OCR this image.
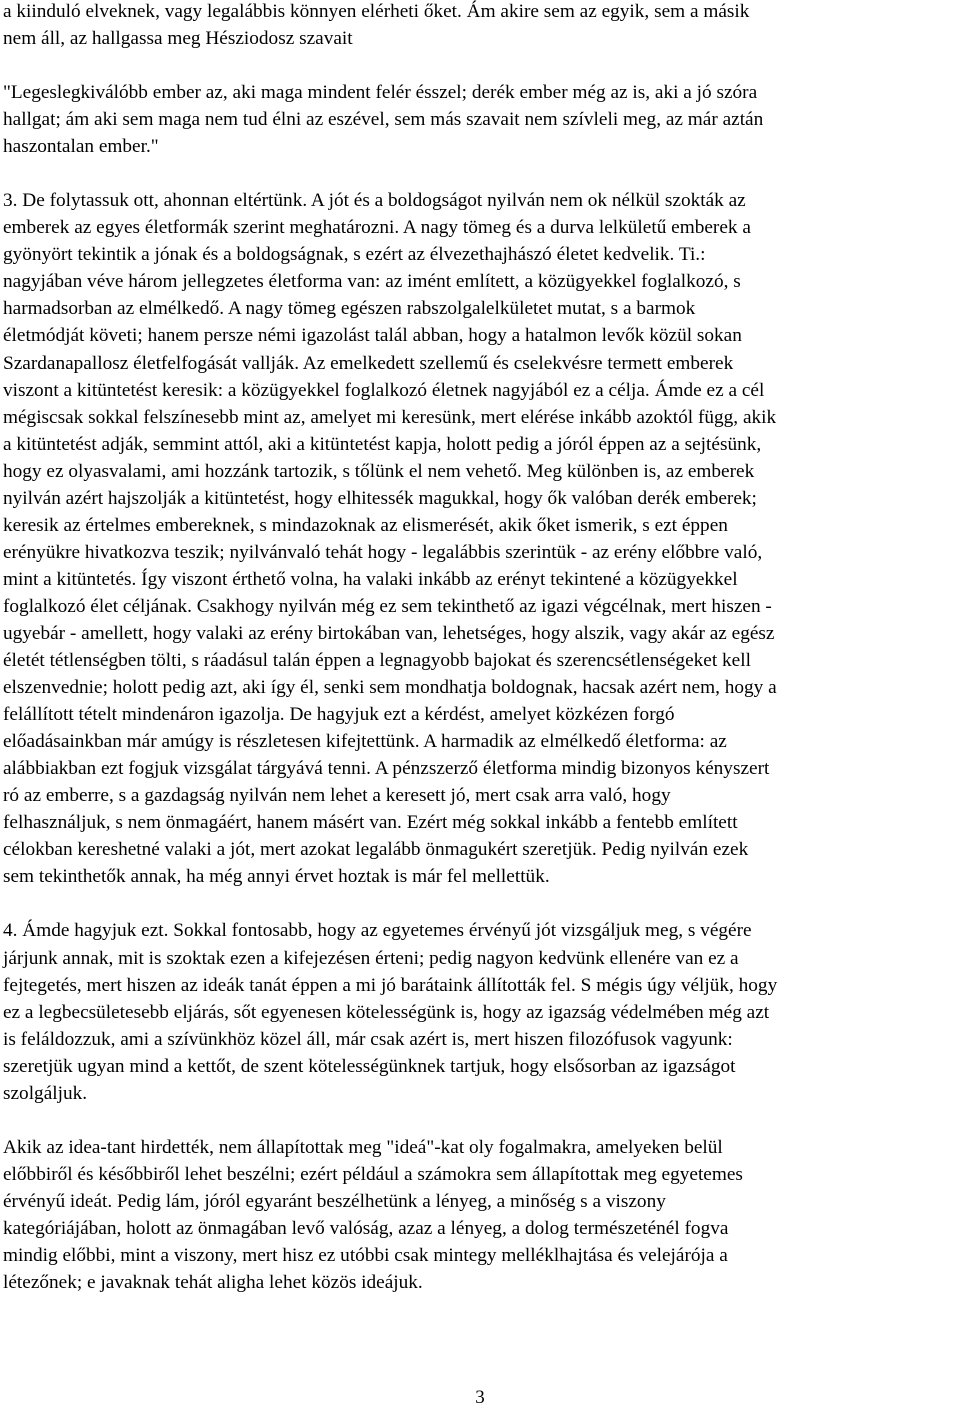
a kiinduló elveknek, vagy legalábbis könnyen elérheti őket. Ám akire sem az egyik, sem a másik
nem áll, az hallgassa meg Hésziodosz szavait

"Legeslegkiválóbb ember az, aki maga mindent felér ésszel; derék ember még az is, aki a jó szóra
hallgat; ám aki sem maga nem tud élni az eszével, sem más szavait nem szívleli meg, az már aztán
haszontalan ember."

3. De folytassuk ott, ahonnan eltértünk. A jót és a boldogságot nyilván nem ok nélkül szokták az
emberek az egyes életformák szerint meghatározni. A nagy tömeg és a durva lelkületű emberek a
gyönyört tekintik a jónak és a boldogságnak, s ezért az élvezethajhászó életet kedvelik. Ti.:
nagyjában véve három jellegzetes életforma van: az imént említett, a közügyekkel foglalkozó, s
harmadsorban az elmélkedő. A nagy tömeg egészen rabszolgalelkületet mutat, s a barmok
életmódját követi; hanem persze némi igazolást talál abban, hogy a hatalmon levők közül sokan
Szardanapallosz életfelfogását vallják. Az emelkedett szellemű és cselekvésre termett emberek
viszont a kitüntetést keresik: a közügyekkel foglalkozó életnek nagyjából ez a célja. Ámde ez a cél
mégiscsak sokkal felszínesebb mint az, amelyet mi keresünk, mert elérése inkább azoktól függ, akik
a kitüntetést adják, semmint attól, aki a kitüntetést kapja, holott pedig a jóról éppen az a sejtésünk,
hogy ez olyasvalami, ami hozzánk tartozik, s tőlünk el nem vehető. Meg különben is, az emberek
nyilván azért hajszolják a kitüntetést, hogy elhitessék magukkal, hogy ők valóban derék emberek;
keresik az értelmes embereknek, s mindazoknak az elismerését, akik őket ismerik, s ezt éppen
erényükre hivatkozva teszik; nyilvánvaló tehát hogy - legalábbis szerintük - az erény előbbre való,
mint a kitüntetés. Így viszont érthető volna, ha valaki inkább az erényt tekintené a közügyekkel
foglalkozó élet céljának. Csakhogy nyilván még ez sem tekinthető az igazi végcélnak, mert hiszen -
ugyebár - amellett, hogy valaki az erény birtokában van, lehetséges, hogy alszik, vagy akár az egész
életét tétlenségben tölti, s ráadásul talán éppen a legnagyobb bajokat és szerencsétlenségeket kell
elszenvednie; holott pedig azt, aki így él, senki sem mondhatja boldognak, hacsak azért nem, hogy a
felállított tételt mindenáron igazolja. De hagyjuk ezt a kérdést, amelyet közkézen forgó
előadásainkban már amúgy is részletesen kifejtettünk. A harmadik az elmélkedő életforma: az
alábbiakban ezt fogjuk vizsgálat tárgyává tenni. A pénzszerző életforma mindig bizonyos kényszert
ró az emberre, s a gazdagság nyilván nem lehet a keresett jó, mert csak arra való, hogy
felhasználjuk, s nem önmagáért, hanem másért van. Ezért még sokkal inkább a fentebb említett
célokban kereshetné valaki a jót, mert azokat legalább önmagukért szeretjük. Pedig nyilván ezek
sem tekinthetők annak, ha még annyi érvet hoztak is már fel mellettük.

4. Ámde hagyjuk ezt. Sokkal fontosabb, hogy az egyetemes érvényű jót vizsgáljuk meg, s végére
járjunk annak, mit is szoktak ezen a kifejezésen érteni; pedig nagyon kedvünk ellenére van ez a
fejtegetés, mert hiszen az ideák tanát éppen a mi jó barátaink állították fel. S mégis úgy véljük, hogy
ez a legbecsületesebb eljárás, sőt egyenesen kötelességünk is, hogy az igazság védelmében még azt
is feláldozzuk, ami a szívünkhöz közel áll, már csak azért is, mert hiszen filozófusok vagyunk:
szeretjük ugyan mind a kettőt, de szent kötelességünknek tartjuk, hogy elsősorban az igazságot
szolgáljuk.

Akik az idea-tant hirdették, nem állapítottak meg "ideá"-kat oly fogalmakra, amelyeken belül
előbbiről és későbbiről lehet beszélni; ezért például a számokra sem állapítottak meg egyetemes
érvényű ideát. Pedig lám, jóról egyaránt beszélhetünk a lényeg, a minőség s a viszony
kategóriájában, holott az önmagában levő valóság, azaz a lényeg, a dolog természeténél fogva
mindig előbbi, mint a viszony, mert hisz ez utóbbi csak mintegy melléklhajtása és velejárója a
létezőnek; e javaknak tehát aligha lehet közös ideájuk.

3
